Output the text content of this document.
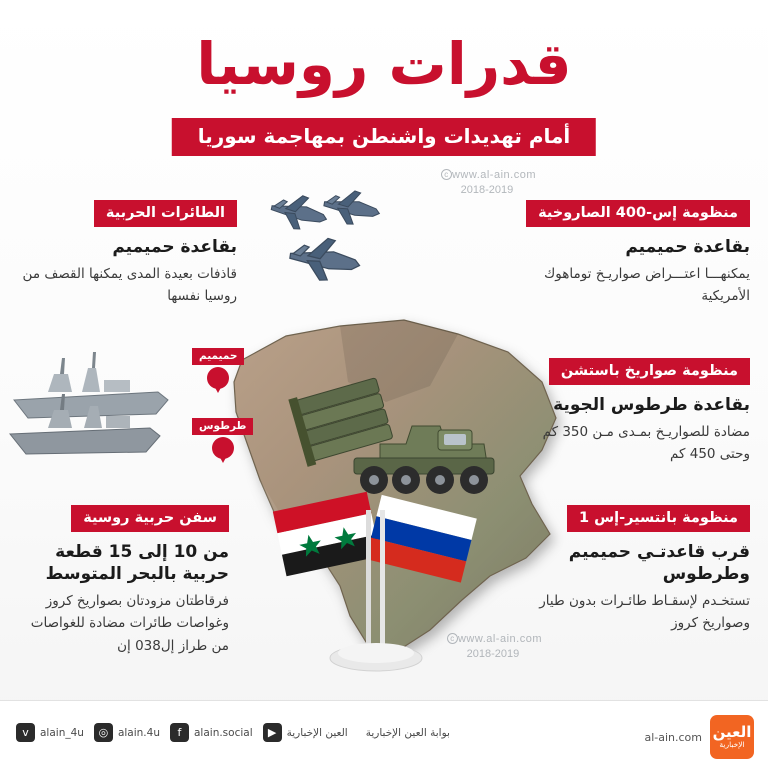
قدرات روسيا
أمام تهديدات واشنطن بمهاجمة سوريا
c www.al-ain.com
2018-2019
حميميم
طرطوس
c www.al-ain.com
2018-2019
الطائرات الحربية
بقاعدة حميميم
قاذفات بعيدة المدى يمكنها القصف من روسيا نفسها
سفن حربية روسية
من 10 إلى 15 قطعة حربية بالبحر المتوسط
فرقاطتان مزودتان بصواريخ كروز وغواصات طائرات مضادة للغواصات من طراز إل038 إن
منظومة إس-400 الصاروخية
بقاعدة حميميم
يمكنهـــا اعتـــراض صواريـخ توماهوك الأمريكية
منظومة صواريخ باستشن
بقاعدة طرطوس الجوية
مضادة للصواريـخ بمـدى مـن 350 كم وحتى 450 كم
منظومة بانتسير-إس 1
قرب قاعدتـي حميميم وطرطوس
تستخـدم لإسقـاط طائـرات بدون طيار وصواريخ كروز
ᴠ	alain_4u	◎ alain.4u	f	alain.social	▶ العين الإخبارية بوابة العين الإخبارية	al-ain.com العين
الإخبارية
